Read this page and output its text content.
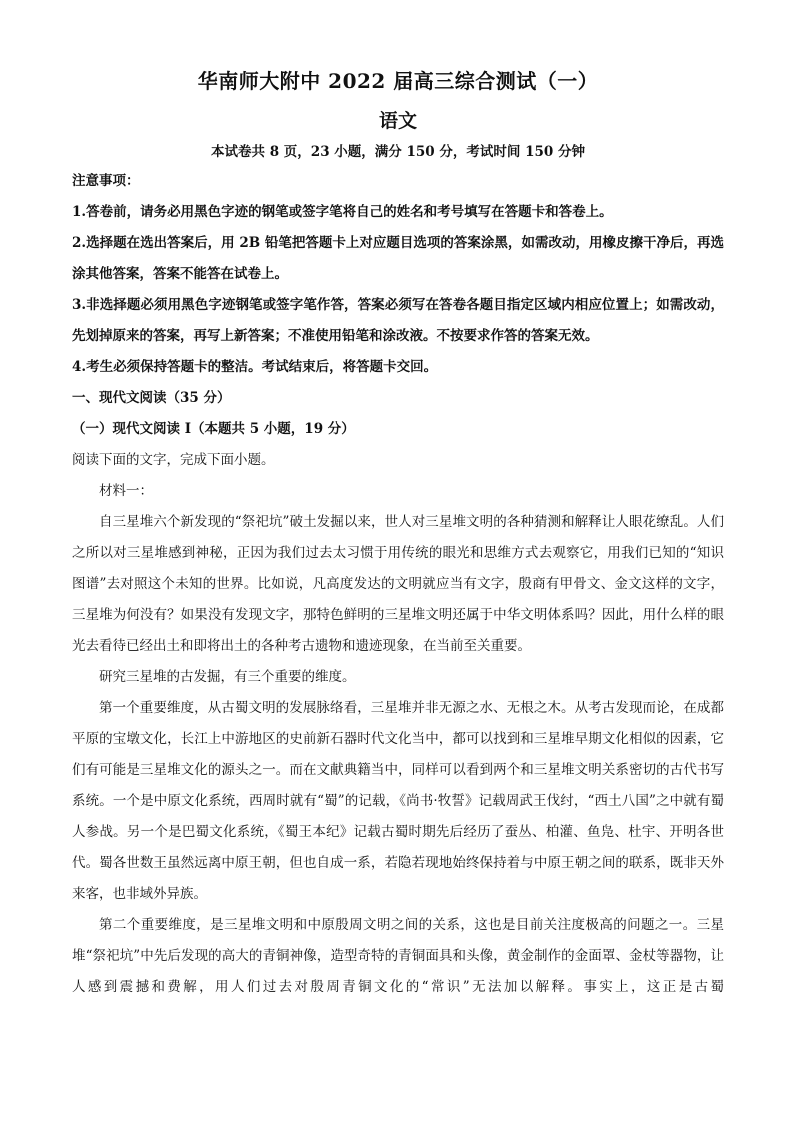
华南师大附中 2022 届高三综合测试（一）
语文
本试卷共 8 页，23 小题，满分 150 分，考试时间 150 分钟

注意事项：

1.答卷前，请务必用黑色字迹的钢笔或签字笔将自己的姓名和考号填写在答题卡和答卷上。

2.选择题在选出答案后，用 2B 铅笔把答题卡上对应题目选项的答案涂黑，如需改动，用橡皮擦干净后，再选涂其他答案，答案不能答在试卷上。

3.非选择题必须用黑色字迹钢笔或签字笔作答，答案必须写在答卷各题目指定区域内相应位置上；如需改动，先划掉原来的答案，再写上新答案；不准使用铅笔和涂改液。不按要求作答的答案无效。

4.考生必须保持答题卡的整洁。考试结束后，将答题卡交回。

一、现代文阅读（35 分）

（一）现代文阅读 I（本题共 5 小题，19 分）

阅读下面的文字，完成下面小题。

材料一：

自三星堆六个新发现的“祭祀坑”破土发掘以来，世人对三星堆文明的各种猜测和解释让人眼花缭乱。人们之所以对三星堆感到神秘，正因为我们过去太习惯于用传统的眼光和思维方式去观察它，用我们已知的“知识图谱”去对照这个未知的世界。比如说，凡高度发达的文明就应当有文字，殷商有甲骨文、金文这样的文字，三星堆为何没有？如果没有发现文字，那特色鲜明的三星堆文明还属于中华文明体系吗？因此，用什么样的眼光去看待已经出土和即将出土的各种考古遗物和遗迹现象，在当前至关重要。

研究三星堆的古发掘，有三个重要的维度。

第一个重要维度，从古蜀文明的发展脉络看，三星堆并非无源之水、无根之木。从考古发现而论，在成都平原的宝墩文化，长江上中游地区的史前新石器时代文化当中，都可以找到和三星堆早期文化相似的因素，它们有可能是三星堆文化的源头之一。而在文献典籍当中，同样可以看到两个和三星堆文明关系密切的古代书写系统。一个是中原文化系统，西周时就有“蜀”的记载，《尚书·牧誓》记载周武王伐纣，“西土八国”之中就有蜀人参战。另一个是巴蜀文化系统，《蜀王本纪》记载古蜀时期先后经历了蚕丛、柏灌、鱼凫、杜宇、开明各世代。蜀各世数王虽然远离中原王朝，但也自成一系，若隐若现地始终保持着与中原王朝之间的联系，既非天外来客，也非域外异族。

第二个重要维度，是三星堆文明和中原殷周文明之间的关系，这也是目前关注度极高的问题之一。三星堆“祭祀坑”中先后发现的高大的青铜神像，造型奇特的青铜面具和头像，黄金制作的金面罩、金杖等器物，让人感到震撼和费解，用人们过去对殷周青铜文化的“常识”无法加以解释。事实上，这正是古蜀
